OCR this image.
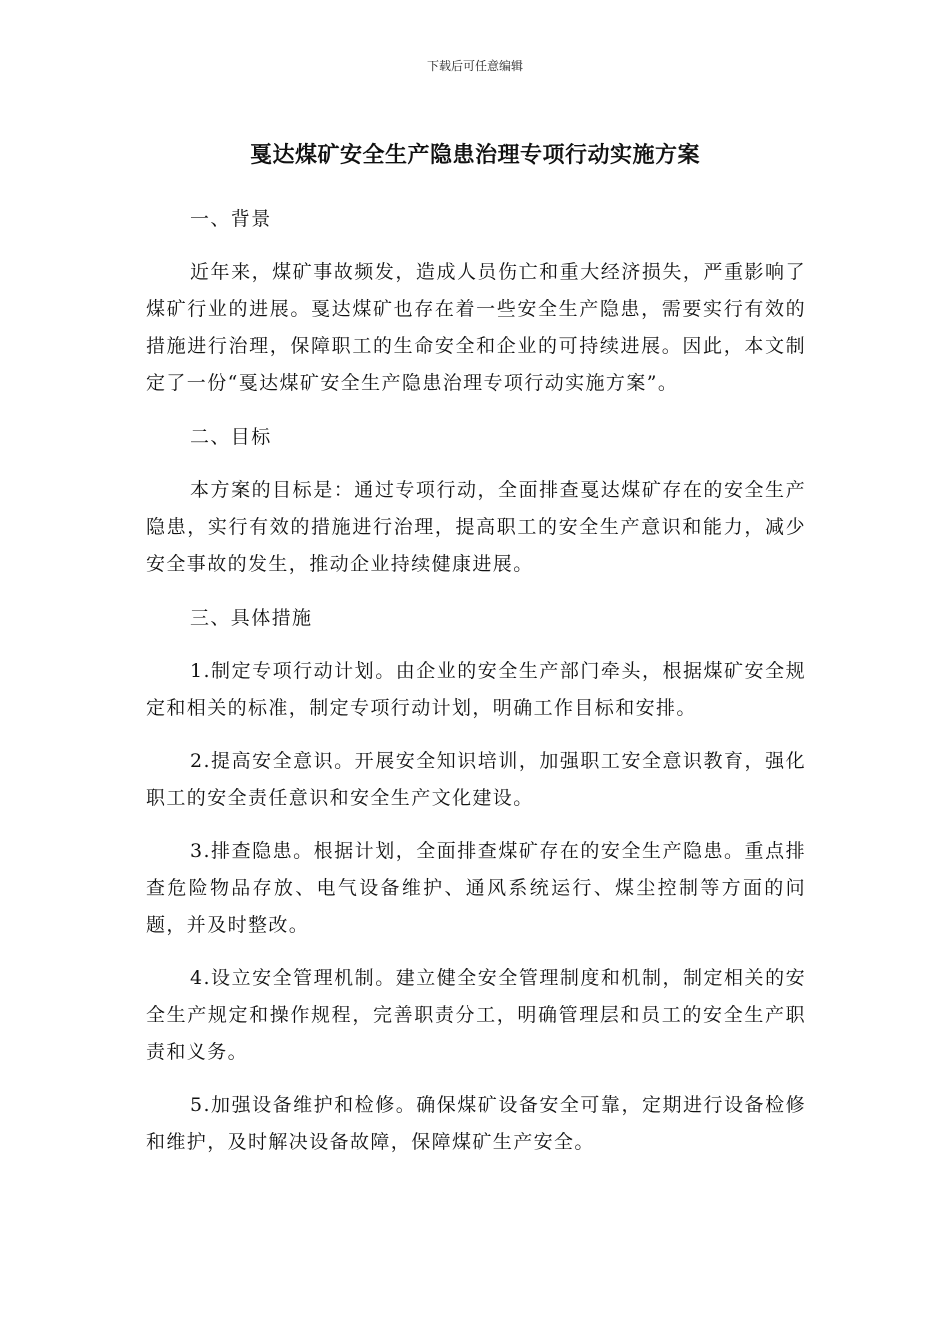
下载后可任意编辑
戛达煤矿安全生产隐患治理专项行动实施方案
一、背景

近年来，煤矿事故频发，造成人员伤亡和重大经济损失，严重影响了煤矿行业的进展。戛达煤矿也存在着一些安全生产隐患，需要实行有效的措施进行治理，保障职工的生命安全和企业的可持续进展。因此，本文制定了一份“戛达煤矿安全生产隐患治理专项行动实施方案”。

二、目标

本方案的目标是：通过专项行动，全面排查戛达煤矿存在的安全生产隐患，实行有效的措施进行治理，提高职工的安全生产意识和能力，减少安全事故的发生，推动企业持续健康进展。

三、具体措施

1.制定专项行动计划。由企业的安全生产部门牵头，根据煤矿安全规定和相关的标准，制定专项行动计划，明确工作目标和安排。

2.提高安全意识。开展安全知识培训，加强职工安全意识教育，强化职工的安全责任意识和安全生产文化建设。

3.排查隐患。根据计划，全面排查煤矿存在的安全生产隐患。重点排查危险物品存放、电气设备维护、通风系统运行、煤尘控制等方面的问题，并及时整改。

4.设立安全管理机制。建立健全安全管理制度和机制，制定相关的安全生产规定和操作规程，完善职责分工，明确管理层和员工的安全生产职责和义务。

5.加强设备维护和检修。确保煤矿设备安全可靠，定期进行设备检修和维护，及时解决设备故障，保障煤矿生产安全。
